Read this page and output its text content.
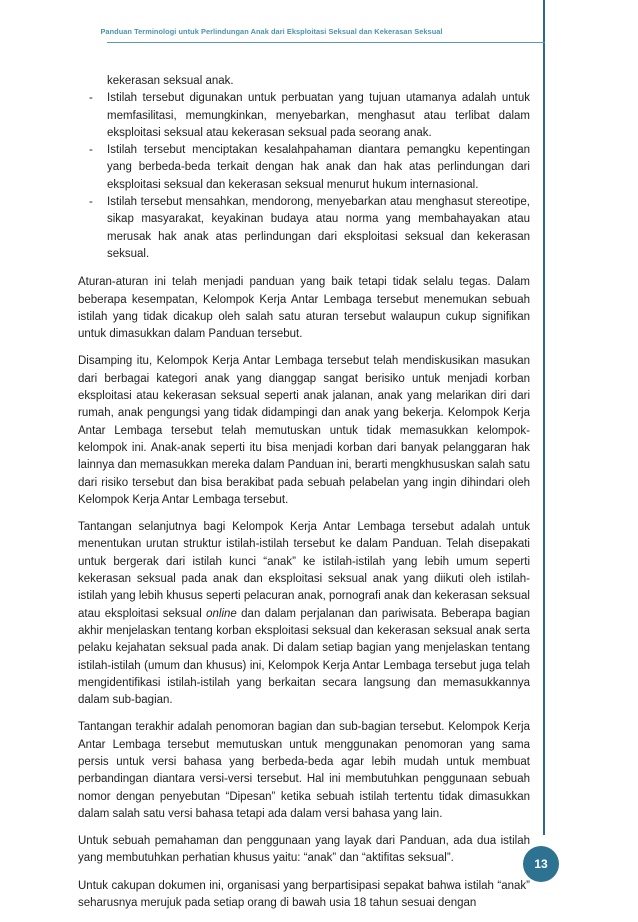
Panduan Terminologi untuk Perlindungan Anak dari Eksploitasi Seksual dan Kekerasan Seksual
kekerasan seksual anak.
- Istilah tersebut digunakan untuk perbuatan yang tujuan utamanya adalah untuk memfasilitasi, memungkinkan, menyebarkan, menghasut atau terlibat dalam eksploitasi seksual atau kekerasan seksual pada seorang anak.
- Istilah tersebut menciptakan kesalahpahaman diantara pemangku kepentingan yang berbeda-beda terkait dengan hak anak dan hak atas perlindungan dari eksploitasi seksual dan kekerasan seksual menurut hukum internasional.
- Istilah tersebut mensahkan, mendorong, menyebarkan atau menghasut stereotipe, sikap masyarakat, keyakinan budaya atau norma yang membahayakan atau merusak hak anak atas perlindungan dari eksploitasi seksual dan kekerasan seksual.

Aturan-aturan ini telah menjadi panduan yang baik tetapi tidak selalu tegas. Dalam beberapa kesempatan, Kelompok Kerja Antar Lembaga tersebut menemukan sebuah istilah yang tidak dicakup oleh salah satu aturan tersebut walaupun cukup signifikan untuk dimasukkan dalam Panduan tersebut.

Disamping itu, Kelompok Kerja Antar Lembaga tersebut telah mendiskusikan masukan dari berbagai kategori anak yang dianggap sangat berisiko untuk menjadi korban eksploitasi atau kekerasan seksual seperti anak jalanan, anak yang melarikan diri dari rumah, anak pengungsi yang tidak didampingi dan anak yang bekerja. Kelompok Kerja Antar Lembaga tersebut telah memutuskan untuk tidak memasukkan kelompok-kelompok ini. Anak-anak seperti itu bisa menjadi korban dari banyak pelanggaran hak lainnya dan memasukkan mereka dalam Panduan ini, berarti mengkhususkan salah satu dari risiko tersebut dan bisa berakibat pada sebuah pelabelan yang ingin dihindari oleh Kelompok Kerja Antar Lembaga tersebut.

Tantangan selanjutnya bagi Kelompok Kerja Antar Lembaga tersebut adalah untuk menentukan urutan struktur istilah-istilah tersebut ke dalam Panduan. Telah disepakati untuk bergerak dari istilah kunci “anak” ke istilah-istilah yang lebih umum seperti kekerasan seksual pada anak dan eksploitasi seksual anak yang diikuti oleh istilah-istilah yang lebih khusus seperti pelacuran anak, pornografi anak dan kekerasan seksual atau eksploitasi seksual online dan dalam perjalanan dan pariwisata. Beberapa bagian akhir menjelaskan tentang korban eksploitasi seksual dan kekerasan seksual anak serta pelaku kejahatan seksual pada anak. Di dalam setiap bagian yang menjelaskan tentang istilah-istilah (umum dan khusus) ini, Kelompok Kerja Antar Lembaga tersebut juga telah mengidentifikasi istilah-istilah yang berkaitan secara langsung dan memasukkannya dalam sub-bagian.

Tantangan terakhir adalah penomoran bagian dan sub-bagian tersebut. Kelompok Kerja Antar Lembaga tersebut memutuskan untuk menggunakan penomoran yang sama persis untuk versi bahasa yang berbeda-beda agar lebih mudah untuk membuat perbandingan diantara versi-versi tersebut. Hal ini membutuhkan penggunaan sebuah nomor dengan penyebutan “Dipesan” ketika sebuah istilah tertentu tidak dimasukkan dalam salah satu versi bahasa tetapi ada dalam versi bahasa yang lain.

Untuk sebuah pemahaman dan penggunaan yang layak dari Panduan, ada dua istilah yang membutuhkan perhatian khusus yaitu: “anak” dan “aktifitas seksual”.

Untuk cakupan dokumen ini, organisasi yang berpartisipasi sepakat bahwa istilah “anak” seharusnya merujuk pada setiap orang di bawah usia 18 tahun sesuai dengan

13
